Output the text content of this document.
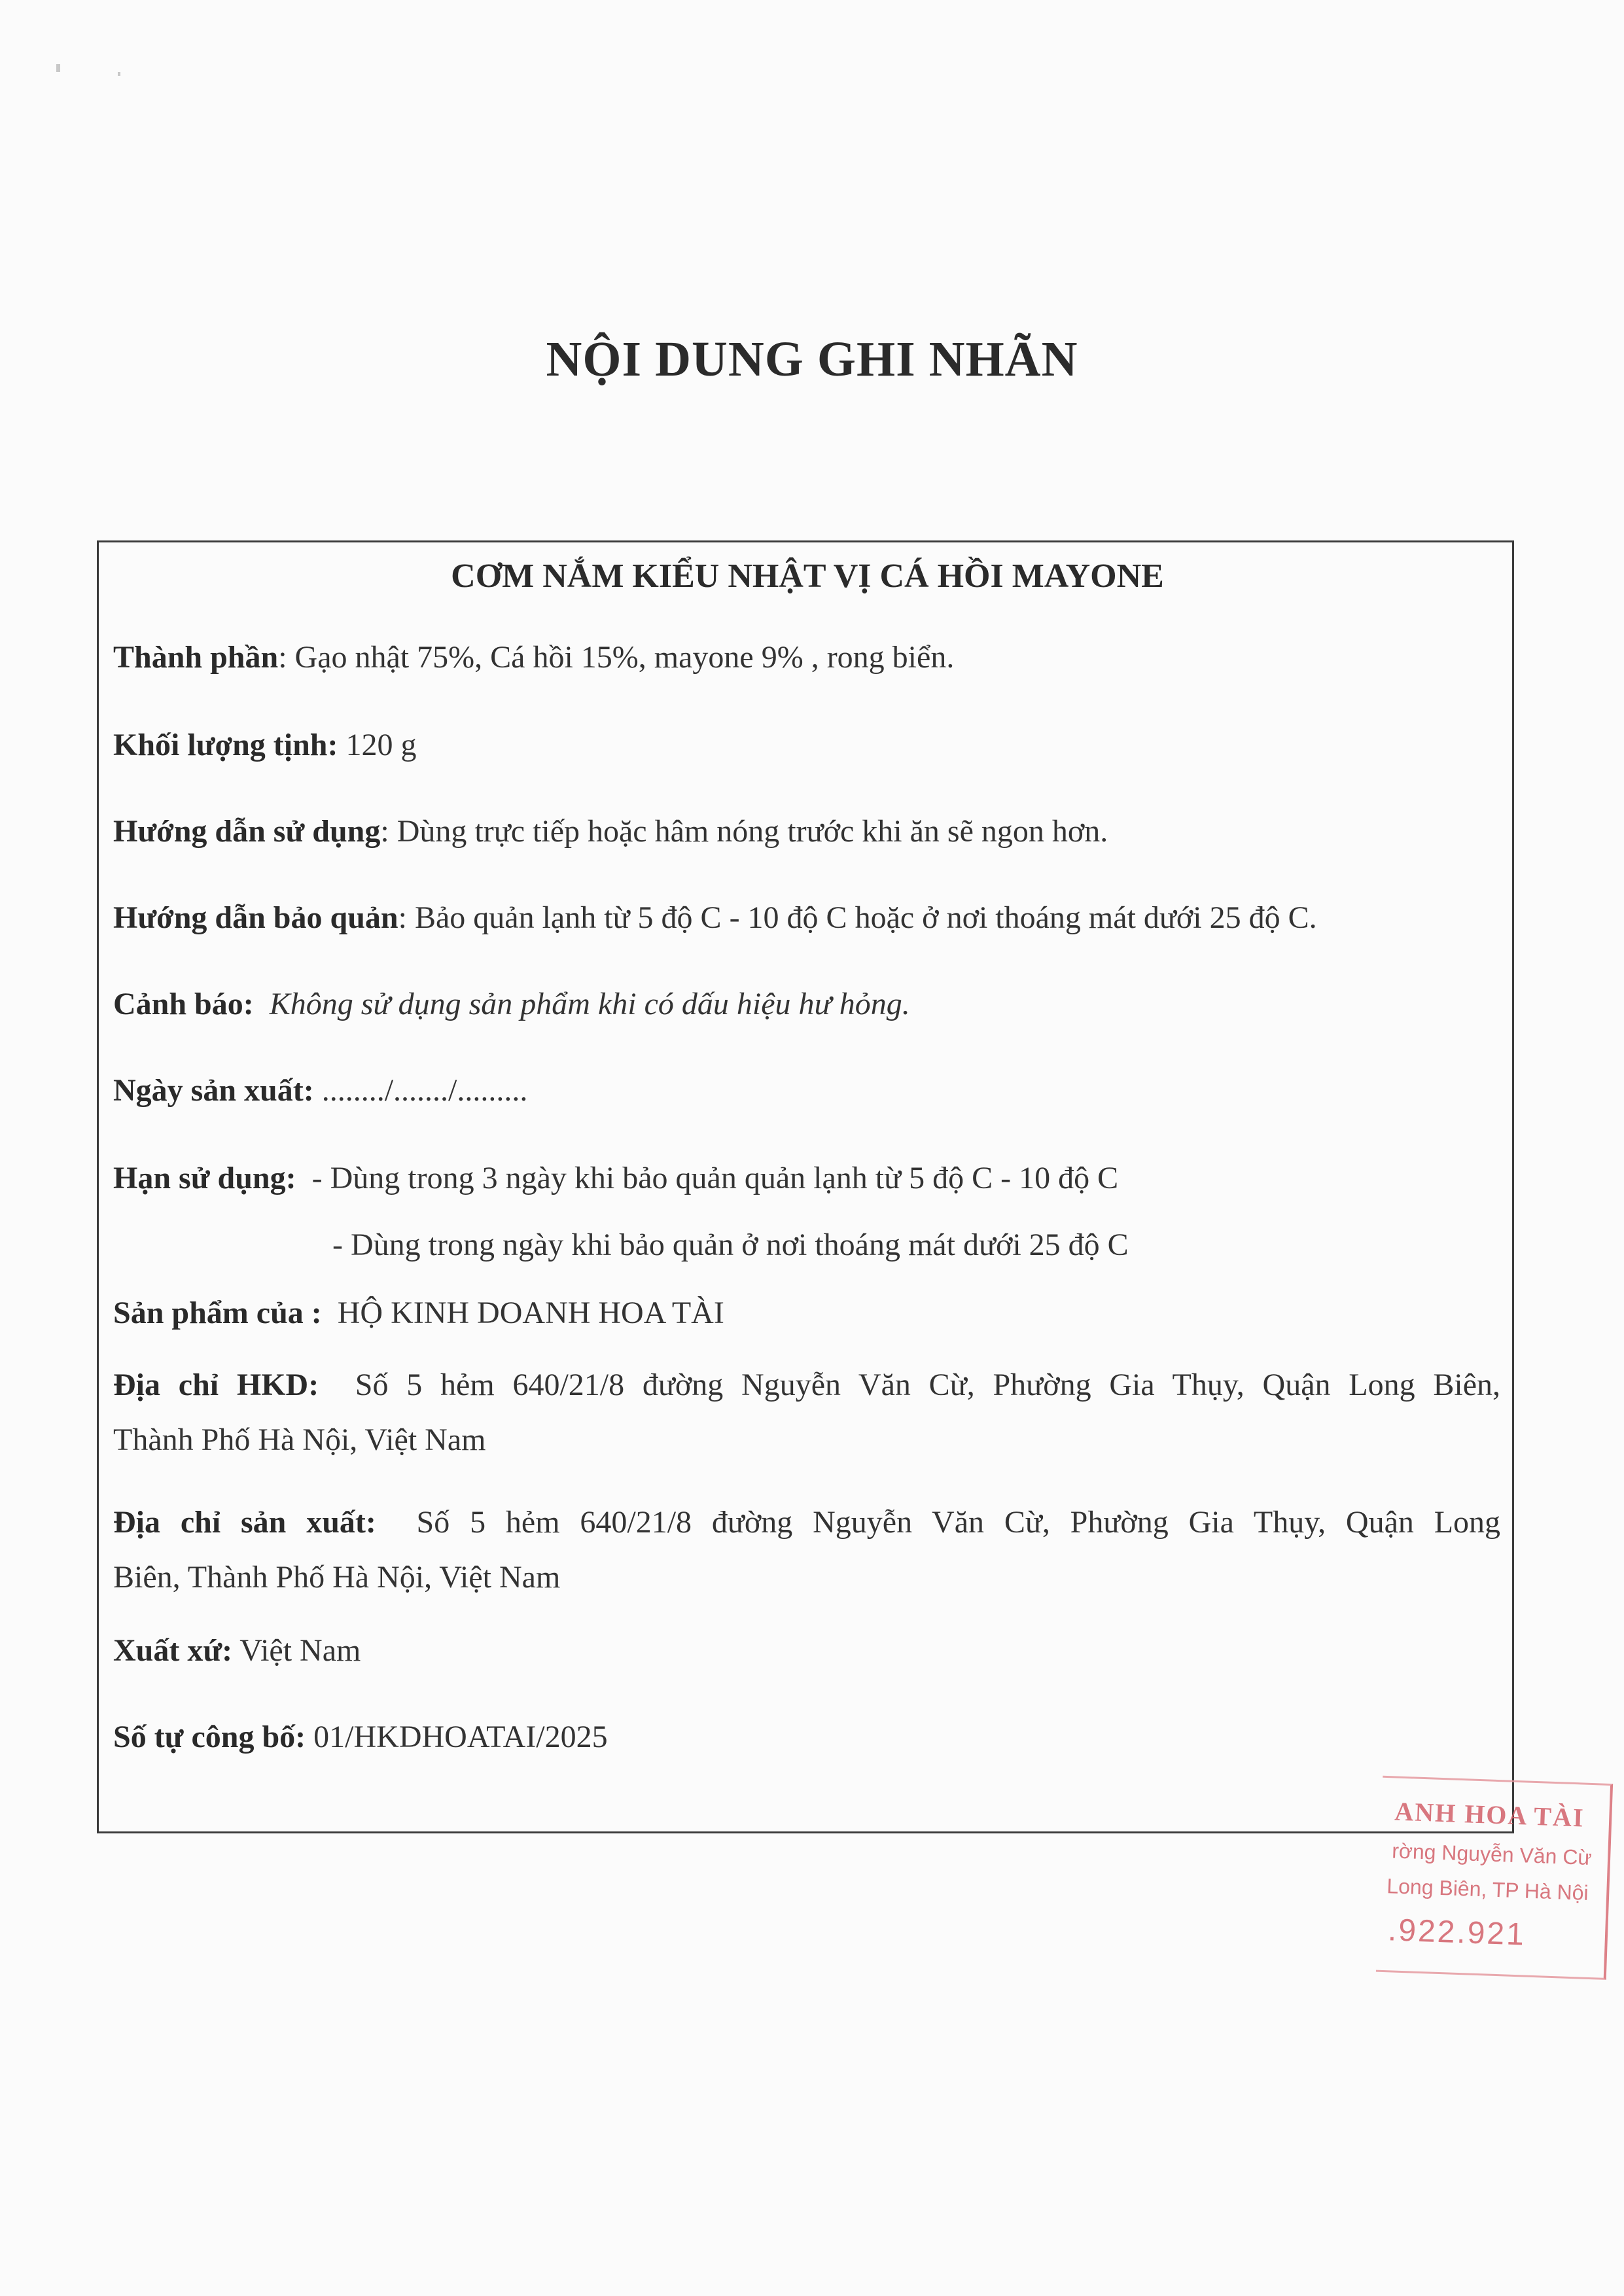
NỘI DUNG GHI NHÃN
CƠM NẮM KIỂU NHẬT VỊ CÁ HỒI MAYONE
Thành phần: Gạo nhật 75%, Cá hồi 15%, mayone 9% , rong biển.
Khối lượng tịnh: 120 g
Hướng dẫn sử dụng: Dùng trực tiếp hoặc hâm nóng trước khi ăn sẽ ngon hơn.
Hướng dẫn bảo quản: Bảo quản lạnh từ 5 độ C - 10 độ C hoặc ở nơi thoáng mát dưới 25 độ C.
Cảnh báo: Không sử dụng sản phẩm khi có dấu hiệu hư hỏng.
Ngày sản xuất: ......../......./.........
Hạn sử dụng: - Dùng trong 3 ngày khi bảo quản quản lạnh từ 5 độ C - 10 độ C
- Dùng trong ngày khi bảo quản ở nơi thoáng mát dưới 25 độ C
Sản phẩm của : HỘ KINH DOANH HOA TÀI
Địa chỉ HKD: Số 5 hẻm 640/21/8 đường Nguyễn Văn Cừ, Phường Gia Thụy, Quận Long Biên,
Thành Phố Hà Nội, Việt Nam
Địa chỉ sản xuất: Số 5 hẻm 640/21/8 đường Nguyễn Văn Cừ, Phường Gia Thụy, Quận Long
Biên, Thành Phố Hà Nội, Việt Nam
Xuất xứ: Việt Nam
Số tự công bố: 01/HKDHOATAI/2025
ANH HOA TÀI
rờng Nguyễn Văn Cừ
Long Biên, TP Hà Nội
.922.921
